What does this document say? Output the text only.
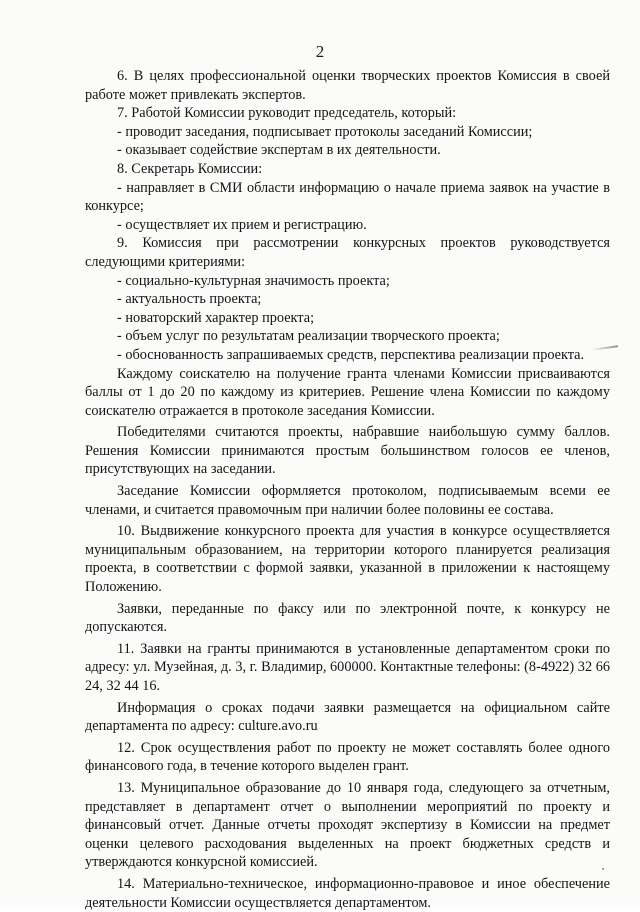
2

6. В целях профессиональной оценки творческих проектов Комиссия в своей работе может привлекать экспертов.

7. Работой Комиссии руководит председатель, который:

- проводит заседания, подписывает протоколы заседаний Комиссии;

- оказывает содействие экспертам в их деятельности.

8. Секретарь Комиссии:

- направляет в СМИ области информацию о начале приема заявок на участие в конкурсе;

- осуществляет их прием и регистрацию.

9. Комиссия при рассмотрении конкурсных проектов руководствуется следующими критериями:

- социально-культурная значимость проекта;

- актуальность проекта;

- новаторский характер проекта;

- объем услуг по результатам реализации творческого проекта;

- обоснованность запрашиваемых средств, перспектива реализации проекта.

Каждому соискателю на получение гранта членами Комиссии присваиваются баллы от 1 до 20 по каждому из критериев. Решение члена Комиссии по каждому соискателю отражается в протоколе заседания Комиссии.

Победителями считаются проекты, набравшие наибольшую сумму баллов. Решения Комиссии принимаются простым большинством голосов ее членов, присутствующих на заседании.

Заседание Комиссии оформляется протоколом, подписываемым всеми ее членами, и считается правомочным при наличии более половины ее состава.

10. Выдвижение конкурсного проекта для участия в конкурсе осуществляется муниципальным образованием, на территории которого планируется реализация проекта, в соответствии с формой заявки, указанной в приложении к настоящему Положению.

Заявки, переданные по факсу или по электронной почте, к конкурсу не допускаются.

11. Заявки на гранты принимаются в установленные департаментом сроки по адресу: ул. Музейная, д. 3, г. Владимир, 600000. Контактные телефоны: (8-4922) 32 66 24, 32 44 16.

Информация о сроках подачи заявки размещается на официальном сайте департамента по адресу: culture.avo.ru

12. Срок осуществления работ по проекту не может составлять более одного финансового года, в течение которого выделен грант.

13. Муниципальное образование до 10 января года, следующего за отчетным, представляет в департамент отчет о выполнении мероприятий по проекту и финансовый отчет. Данные отчеты проходят экспертизу в Комиссии на предмет оценки целевого расходования выделенных на проект бюджетных средств и утверждаются конкурсной комиссией.

14. Материально-техническое, информационно-правовое и иное обеспечение деятельности Комиссии осуществляется департаментом.
